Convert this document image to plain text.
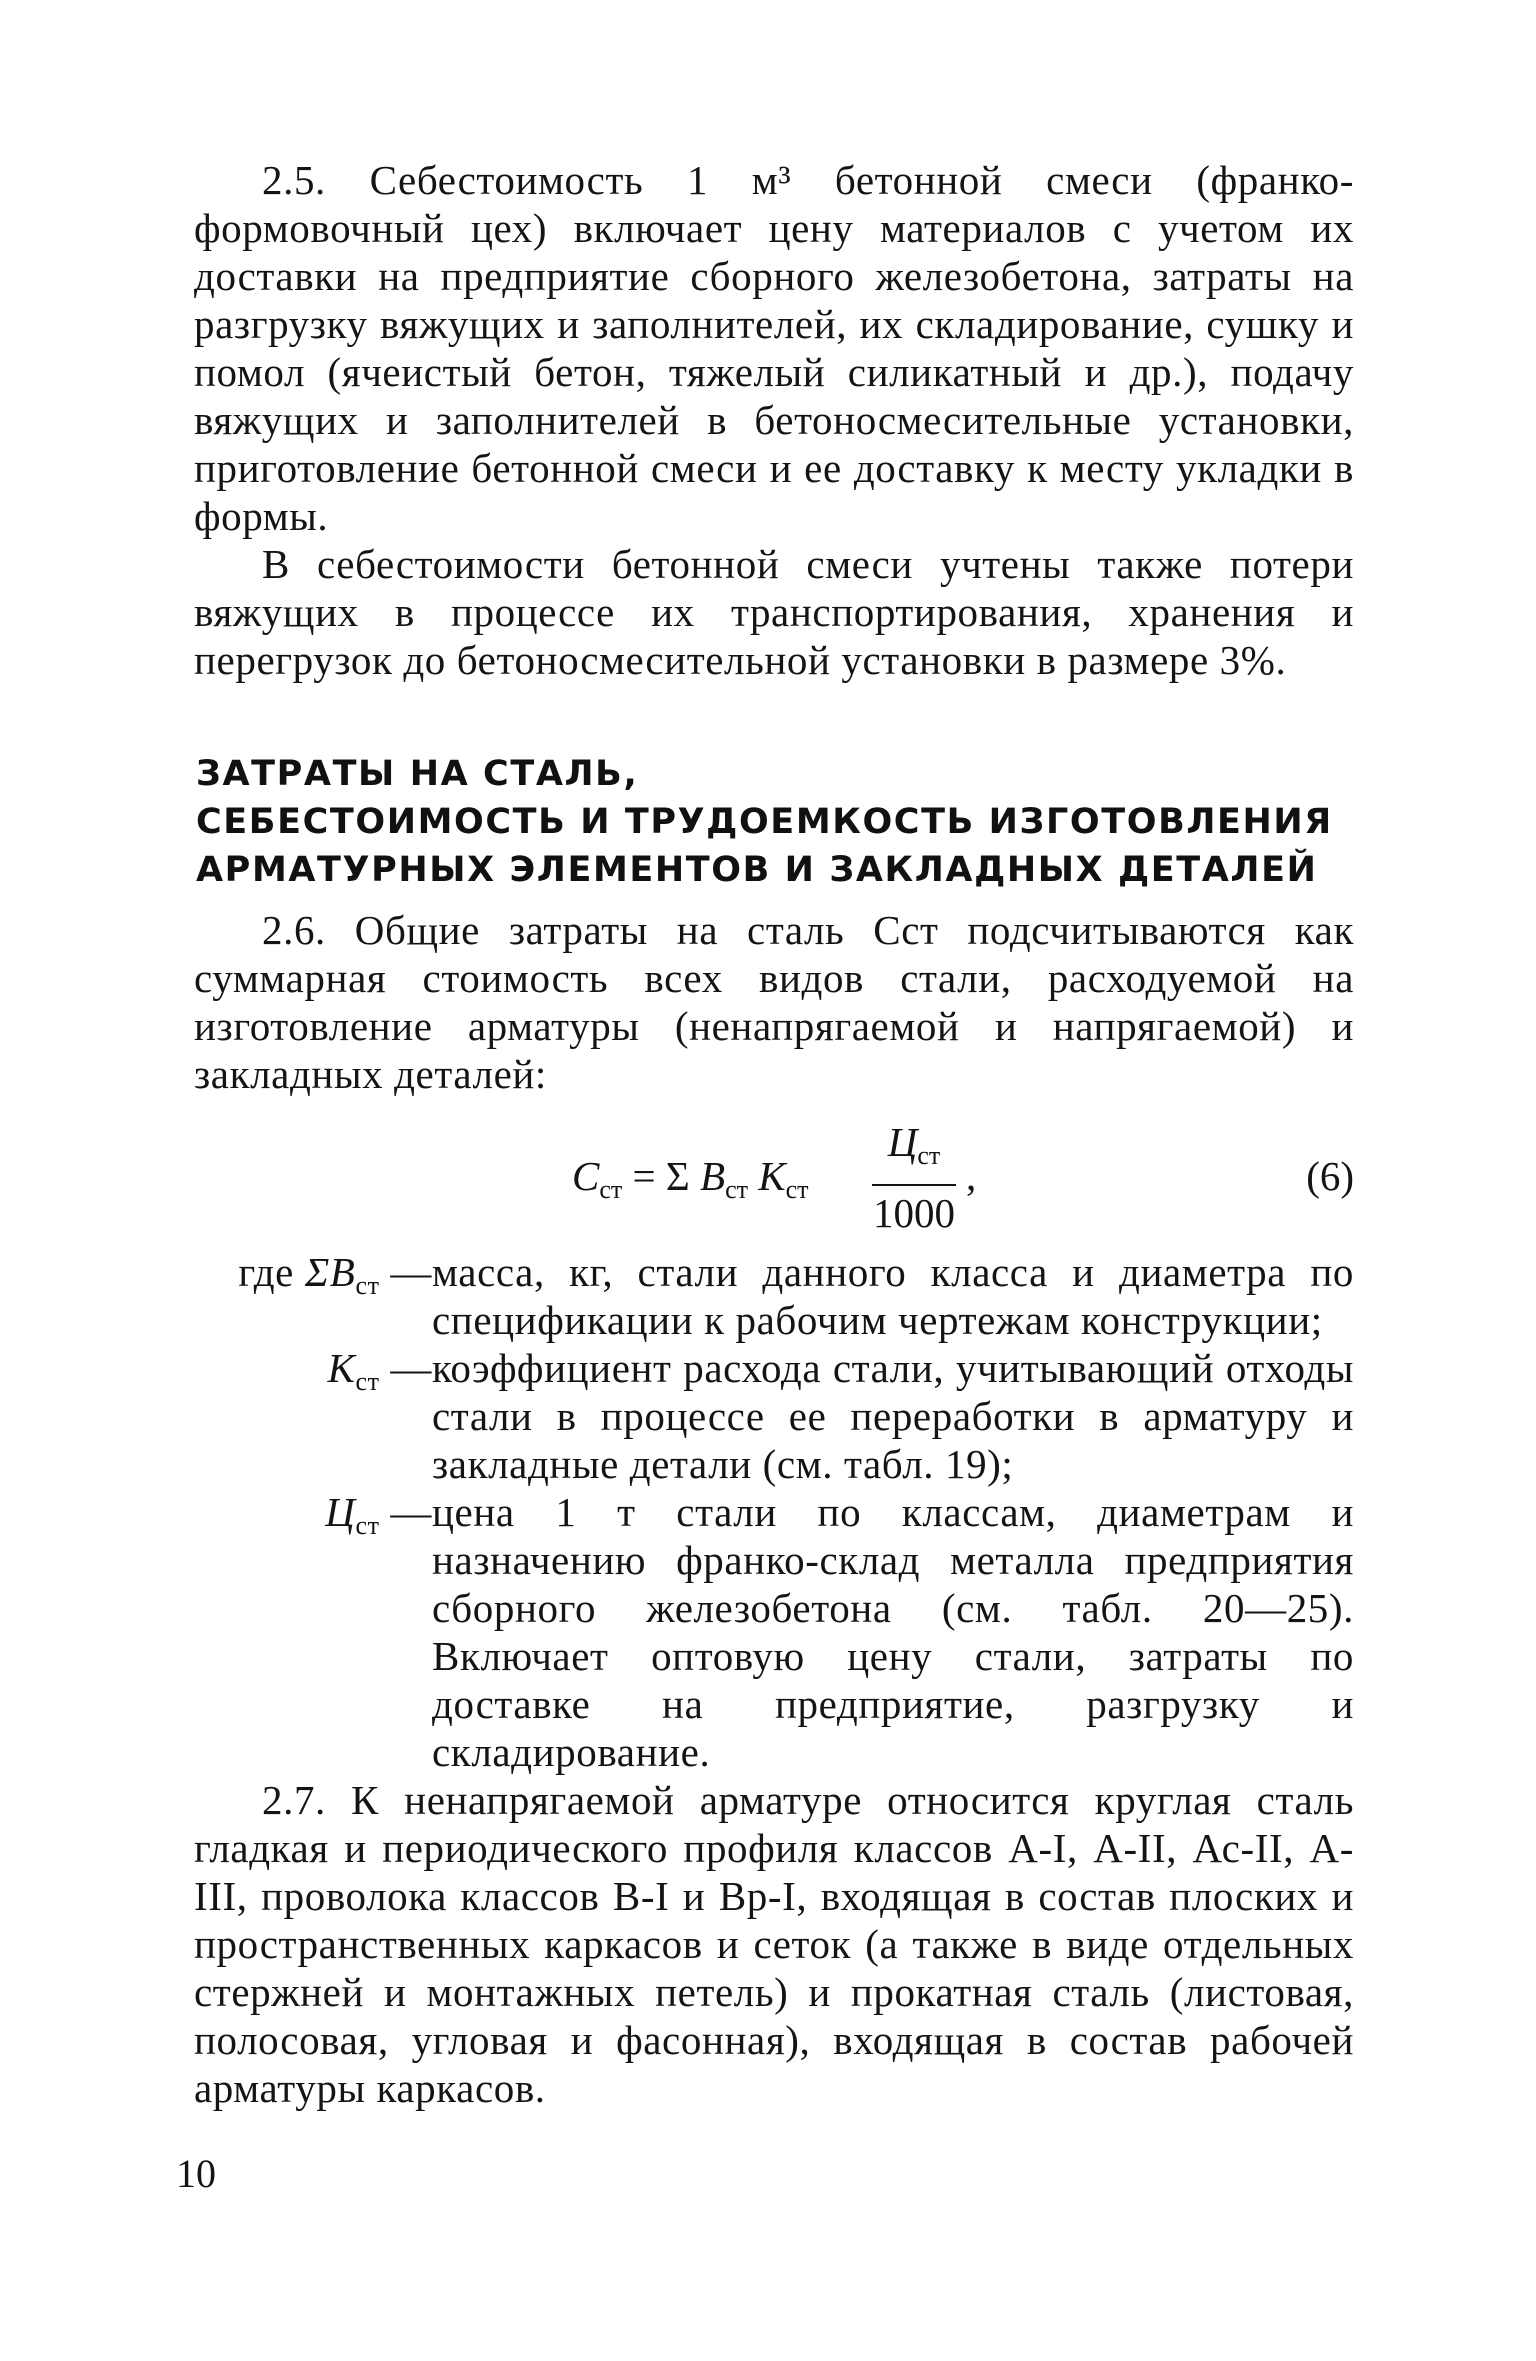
2.5. Себестоимость 1 м³ бетонной смеси (франко-формовочный цех) включает цену материалов с учетом их доставки на предприятие сборного железобетона, затраты на разгрузку вяжущих и заполнителей, их складирование, сушку и помол (ячеистый бетон, тяжелый силикатный и др.), подачу вяжущих и заполнителей в бетоносмесительные установки, приготовление бетонной смеси и ее доставку к месту укладки в формы.

В себестоимости бетонной смеси учтены также потери вяжущих в процессе их транспортирования, хранения и перегрузок до бетоносмесительной установки в размере 3%.

ЗАТРАТЫ НА СТАЛЬ,
СЕБЕСТОИМОСТЬ И ТРУДОЕМКОСТЬ ИЗГОТОВЛЕНИЯ
АРМАТУРНЫХ ЭЛЕМЕНТОВ И ЗАКЛАДНЫХ ДЕТАЛЕЙ

2.6. Общие затраты на сталь Cст подсчитываются как суммарная стоимость всех видов стали, расходуемой на изготовление арматуры (ненапрягаемой и напрягаемой) и закладных деталей:

$C_{ст} = \Sigma$ $B_{ст}$ $K_{ст}$
$Ц_{ст}$
1000
,	(6)
где $\Sigma B_{ст}$ — масса, кг, стали данного класса и диаметра по спецификации к рабочим чертежам конструкции;
$K_{ст}$ — коэффициент расхода стали, учитывающий отходы стали в процессе ее переработки в арматуру и закладные детали (см. табл. 19);
$Ц_{ст}$ — цена 1 т стали по классам, диаметрам и назначению франко-склад металла предприятия сборного железобетона (см. табл. 20—25). Включает оптовую цену стали, затраты по доставке на предприятие, разгрузку и складирование.

2.7. К ненапрягаемой арматуре относится круглая сталь гладкая и периодического профиля классов А-I, А-II, Ас-II, А-III, проволока классов В-I и Вр-I, входящая в состав плоских и пространственных каркасов и сеток (а также в виде отдельных стержней и монтажных петель) и прокатная сталь (листовая, полосовая, угловая и фасонная), входящая в состав рабочей арматуры каркасов.

10
